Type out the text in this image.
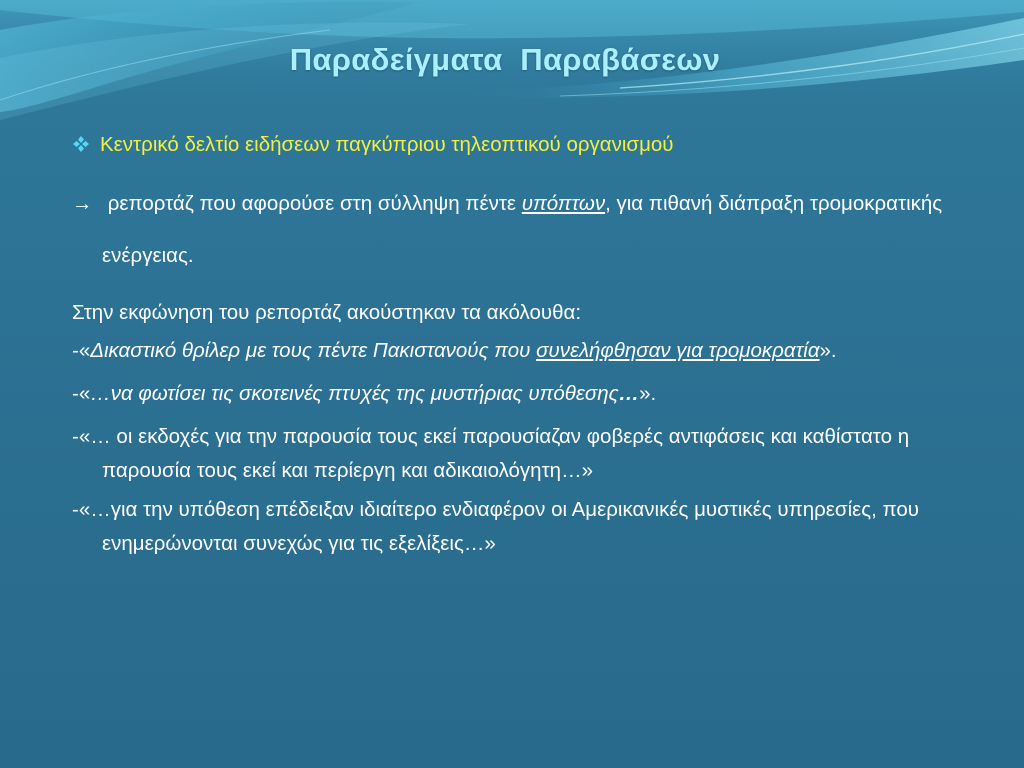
Παραδείγματα  Παραβάσεων
Κεντρικό δελτίο ειδήσεων παγκύπριου τηλεοπτικού οργανισμού

→ ρεπορτάζ που αφορούσε στη σύλληψη πέντε υπόπτων, για πιθανή διάπραξη τρομοκρατικής ενέργειας.

Στην εκφώνηση του ρεπορτάζ ακούστηκαν τα ακόλουθα:

-«Δικαστικό θρίλερ με τους πέντε Πακιστανούς που συνελήφθησαν για τρομοκρατία».

-«…να φωτίσει τις σκοτεινές πτυχές της μυστήριας υπόθεσης…».

-«… οι εκδοχές για την παρουσία τους εκεί παρουσίαζαν φοβερές αντιφάσεις και καθίστατο η παρουσία τους εκεί και περίεργη και αδικαιολόγητη…»

-«…για την υπόθεση επέδειξαν ιδιαίτερο ενδιαφέρον οι Αμερικανικές μυστικές υπηρεσίες, που ενημερώνονται συνεχώς για τις εξελίξεις…»
